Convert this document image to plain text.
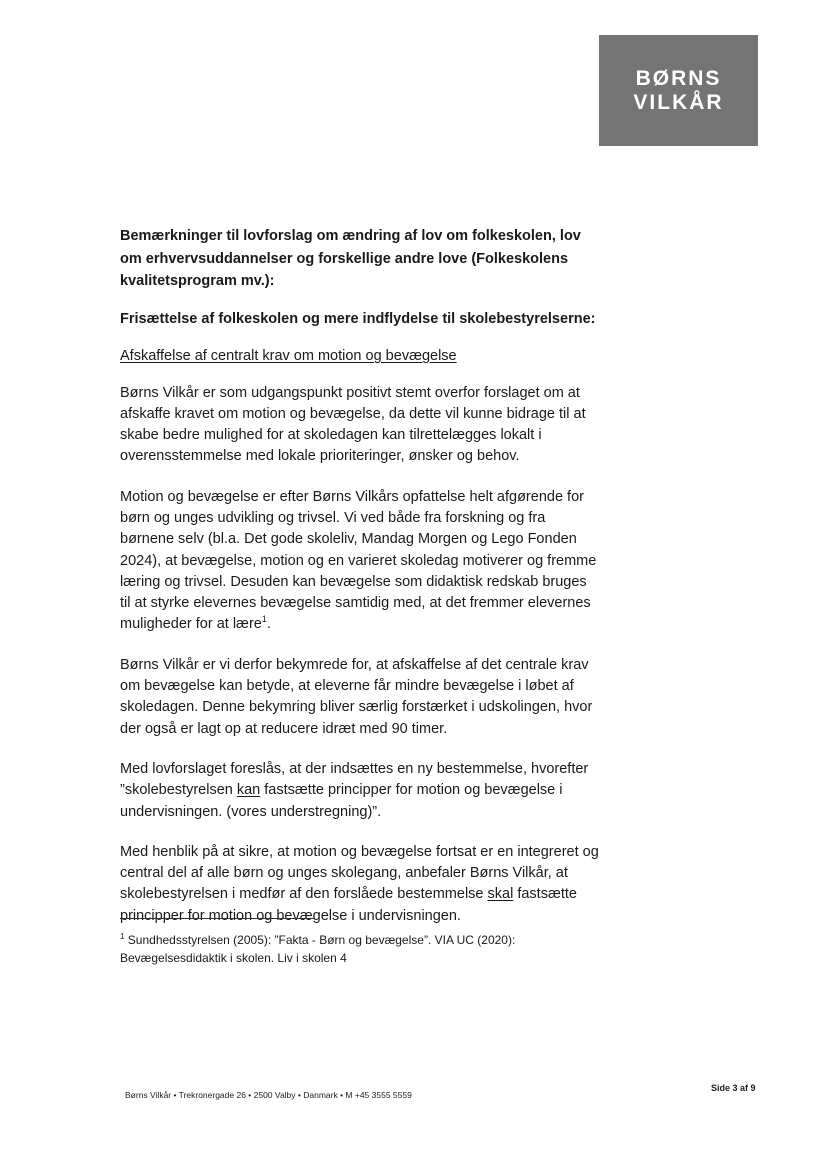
BØRNS
VILKÅR
Bemærkninger til lovforslag om ændring af lov om folkeskolen, lov om erhvervsuddannelser og forskellige andre love (Folkeskolens kvalitetsprogram mv.):
Frisættelse af folkeskolen og mere indflydelse til skolebestyrelserne:
Afskaffelse af centralt krav om motion og bevægelse

Børns Vilkår er som udgangspunkt positivt stemt overfor forslaget om at afskaffe kravet om motion og bevægelse, da dette vil kunne bidrage til at skabe bedre mulighed for at skoledagen kan tilrettelægges lokalt i overensstemmelse med lokale prioriteringer, ønsker og behov.

Motion og bevægelse er efter Børns Vilkårs opfattelse helt afgørende for børn og unges udvikling og trivsel. Vi ved både fra forskning og fra børnene selv (bl.a. Det gode skoleliv, Mandag Morgen og Lego Fonden 2024), at bevægelse, motion og en varieret skoledag motiverer og fremme læring og trivsel. Desuden kan bevægelse som didaktisk redskab bruges til at styrke elevernes bevægelse samtidig med, at det fremmer elevernes muligheder for at lære$^1$.

Børns Vilkår er vi derfor bekymrede for, at afskaffelse af det centrale krav om bevægelse kan betyde, at eleverne får mindre bevægelse i løbet af skoledagen. Denne bekymring bliver særlig forstærket i udskolingen, hvor der også er lagt op at reducere idræt med 90 timer.

Med lovforslaget foreslås, at der indsættes en ny bestemmelse, hvorefter ”skolebestyrelsen kan fastsætte principper for motion og bevægelse i undervisningen. (vores understregning)”.

Med henblik på at sikre, at motion og bevægelse fortsat er en integreret og central del af alle børn og unges skolegang, anbefaler Børns Vilkår, at skolebestyrelsen i medfør af den forslåede bestemmelse skal fastsætte principper for motion og bevægelse i undervisningen.

$^1$ Sundhedsstyrelsen (2005): ”Fakta - Børn og bevægelse”. VIA UC (2020): Bevægelsesdidaktik i skolen. Liv i skolen 4
Børns Vilkår • Trekronergade 26 • 2500 Valby • Danmark • M +45 3555 5559
Side 3 af 9
